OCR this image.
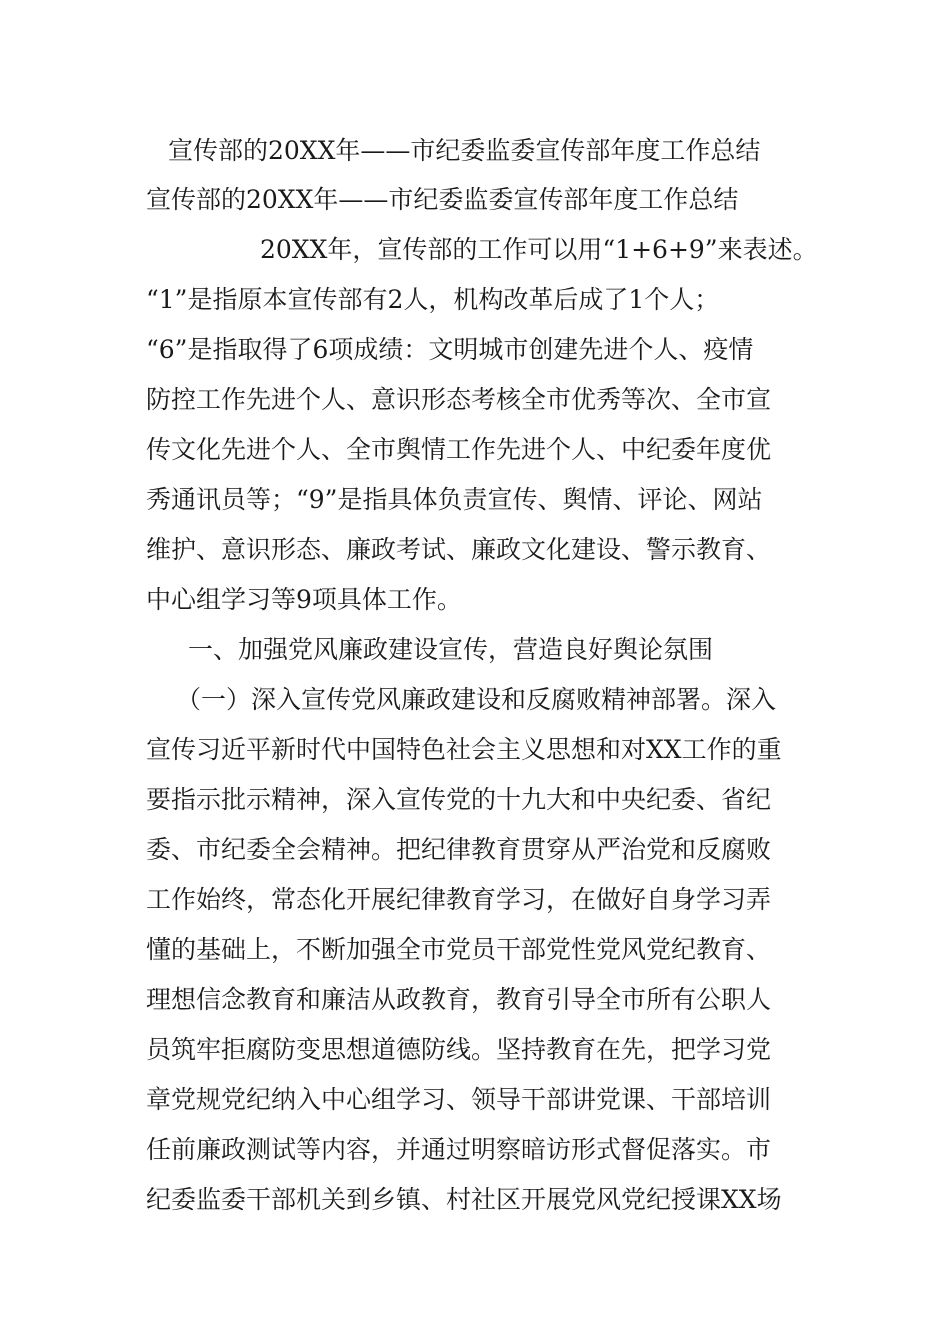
宣传部的20XX年——市纪委监委宣传部年度工作总结
宣传部的20XX年——市纪委监委宣传部年度工作总结
20XX年，宣传部的工作可以用“1+6+9”来表述。
“1”是指原本宣传部有2人，机构改革后成了1个人；
“6”是指取得了6项成绩：文明城市创建先进个人、疫情
防控工作先进个人、意识形态考核全市优秀等次、全市宣
传文化先进个人、全市舆情工作先进个人、中纪委年度优
秀通讯员等；“9”是指具体负责宣传、舆情、评论、网站
维护、意识形态、廉政考试、廉政文化建设、警示教育、
中心组学习等9项具体工作。
一、加强党风廉政建设宣传，营造良好舆论氛围
（一）深入宣传党风廉政建设和反腐败精神部署。深入
宣传习近平新时代中国特色社会主义思想和对XX工作的重
要指示批示精神，深入宣传党的十九大和中央纪委、省纪
委、市纪委全会精神。把纪律教育贯穿从严治党和反腐败
工作始终，常态化开展纪律教育学习，在做好自身学习弄
懂的基础上，不断加强全市党员干部党性党风党纪教育、
理想信念教育和廉洁从政教育，教育引导全市所有公职人
员筑牢拒腐防变思想道德防线。坚持教育在先，把学习党
章党规党纪纳入中心组学习、领导干部讲党课、干部培训
任前廉政测试等内容，并通过明察暗访形式督促落实。市
纪委监委干部机关到乡镇、村社区开展党风党纪授课XX场
